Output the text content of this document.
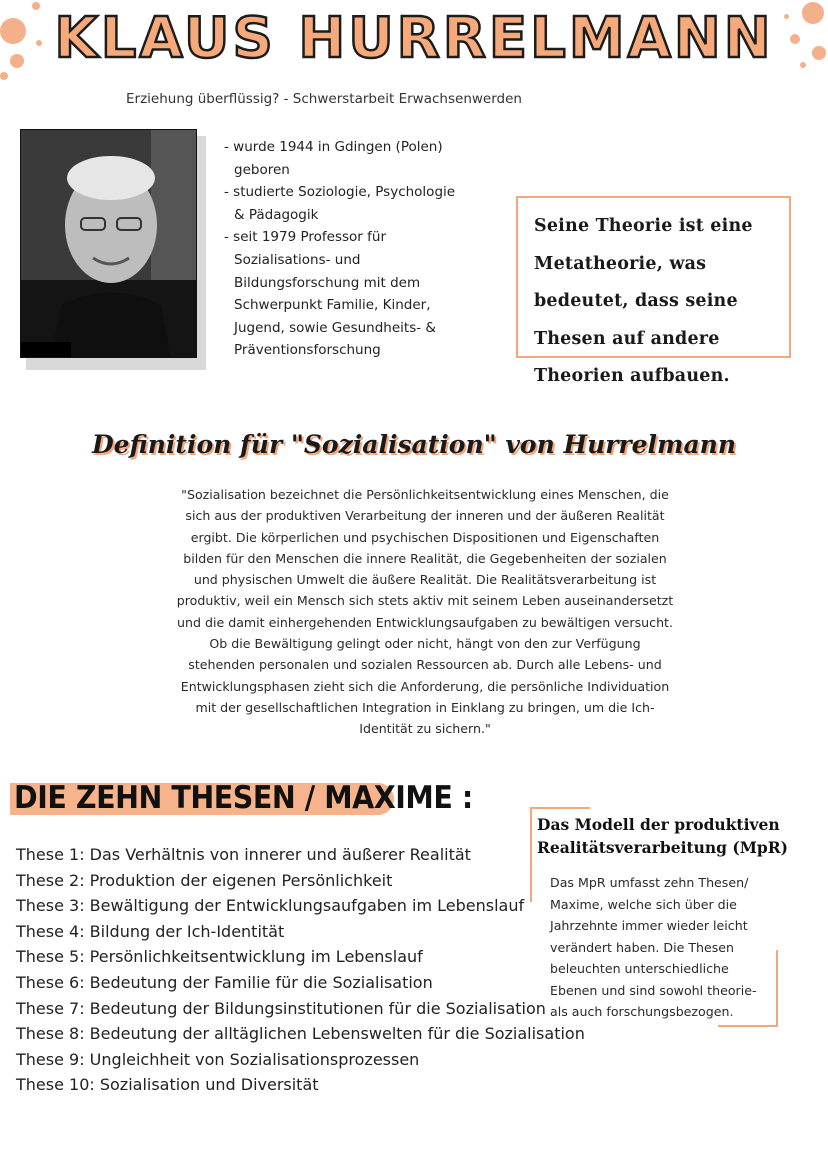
KLAUS HURRELMANN
Erziehung überflüssig? - Schwerstarbeit Erwachsenwerden
- wurde 1944 in Gdingen (Polen) geboren
- studierte Soziologie, Psychologie & Pädagogik
- seit 1979 Professor für Sozialisations- und Bildungsforschung mit dem Schwerpunkt Familie, Kinder, Jugend, sowie Gesundheits- & Präventionsforschung

Seine Theorie ist eine Metatheorie, was bedeutet, dass seine Thesen auf andere Theorien aufbauen.

Definition für "Sozialisation" von Hurrelmann

"Sozialisation bezeichnet die Persönlichkeitsentwicklung eines Menschen, die sich aus der produktiven Verarbeitung der inneren und der äußeren Realität ergibt. Die körperlichen und psychischen Dispositionen und Eigenschaften bilden für den Menschen die innere Realität, die Gegebenheiten der sozialen und physischen Umwelt die äußere Realität. Die Realitätsverarbeitung ist produktiv, weil ein Mensch sich stets aktiv mit seinem Leben auseinandersetzt und die damit einhergehenden Entwicklungsaufgaben zu bewältigen versucht. Ob die Bewältigung gelingt oder nicht, hängt von den zur Verfügung stehenden personalen und sozialen Ressourcen ab. Durch alle Lebens- und Entwicklungsphasen zieht sich die Anforderung, die persönliche Individuation mit der gesellschaftlichen Integration in Einklang zu bringen, um die Ich-Identität zu sichern."

DIE ZEHN THESEN / MAXIME :
These 1: Das Verhältnis von innerer und äußerer Realität
These 2: Produktion der eigenen Persönlichkeit
These 3: Bewältigung der Entwicklungsaufgaben im Lebenslauf
These 4: Bildung der Ich-Identität
These 5: Persönlichkeitsentwicklung im Lebenslauf
These 6: Bedeutung der Familie für die Sozialisation
These 7: Bedeutung der Bildungsinstitutionen für die Sozialisation
These 8: Bedeutung der alltäglichen Lebenswelten für die Sozialisation
These 9: Ungleichheit von Sozialisationsprozessen
These 10: Sozialisation und Diversität
Das Modell der produktiven Realitätsverarbeitung (MpR)

Das MpR umfasst zehn Thesen/ Maxime, welche sich über die Jahrzehnte immer wieder leicht verändert haben. Die Thesen beleuchten unterschiedliche Ebenen und sind sowohl theorie- als auch forschungsbezogen.
